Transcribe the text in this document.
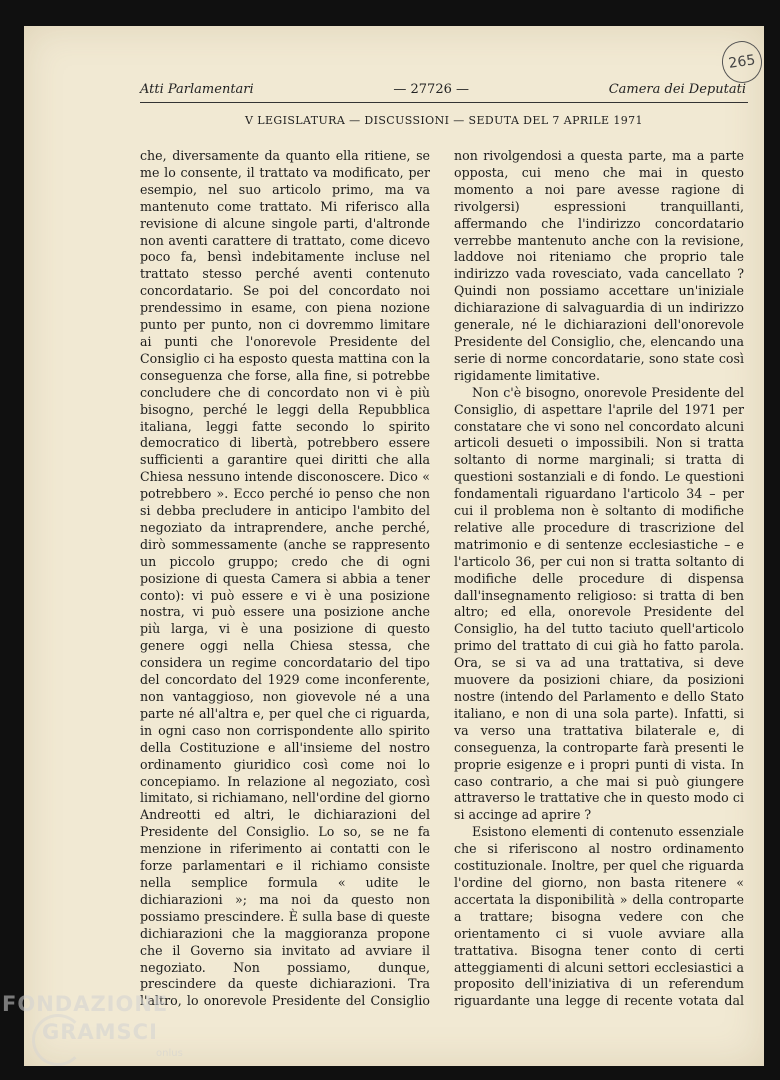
265
Atti Parlamentari	— 27726 —	Camera dei Deputati
V LEGISLATURA — DISCUSSIONI — SEDUTA DEL 7 APRILE 1971

che, diversamente da quanto ella ritiene, se me lo consente, il trattato va modificato, per esempio, nel suo articolo primo, ma va mantenuto come trattato. Mi riferisco alla revisione di alcune singole parti, d'altronde non aventi carattere di trattato, come dicevo poco fa, bensì indebitamente incluse nel trattato stesso perché aventi contenuto concordatario. Se poi del concordato noi prendessimo in esame, con piena nozione punto per punto, non ci dovremmo limitare ai punti che l'onorevole Presidente del Consiglio ci ha esposto questa mattina con la conseguenza che forse, alla fine, si potrebbe concludere che di concordato non vi è più bisogno, perché le leggi della Repubblica italiana, leggi fatte secondo lo spirito democratico di libertà, potrebbero essere sufficienti a garantire quei diritti che alla Chiesa nessuno intende disconoscere. Dico « potrebbero ». Ecco perché io penso che non si debba precludere in anticipo l'ambito del negoziato da intraprendere, anche perché, dirò sommessamente (anche se rappresento un piccolo gruppo; credo che di ogni posizione di questa Camera si abbia a tener conto): vi può essere e vi è una posizione nostra, vi può essere una posizione anche più larga, vi è una posizione di questo genere oggi nella Chiesa stessa, che considera un regime concordatario del tipo del concordato del 1929 come inconferente, non vantaggioso, non giovevole né a una parte né all'altra e, per quel che ci riguarda, in ogni caso non corrispondente allo spirito della Costituzione e all'insieme del nostro ordinamento giuridico così come noi lo concepiamo. In relazione al negoziato, così limitato, si richiamano, nell'ordine del giorno Andreotti ed altri, le dichiarazioni del Presidente del Consiglio. Lo so, se ne fa menzione in riferimento ai contatti con le forze parlamentari e il richiamo consiste nella semplice formula « udite le dichiarazioni »; ma noi da questo non possiamo prescindere. È sulla base di queste dichiarazioni che la maggioranza propone che il Governo sia invitato ad avviare il negoziato. Non possiamo, dunque, prescindere da queste dichiarazioni. Tra l'altro, lo onorevole Presidente del Consiglio

non rivolgendosi a questa parte, ma a parte opposta, cui meno che mai in questo momento a noi pare avesse ragione di rivolgersi) espressioni tranquillanti, affermando che l'indirizzo concordatario verrebbe mantenuto anche con la revisione, laddove noi riteniamo che proprio tale indirizzo vada rovesciato, vada cancellato ? Quindi non possiamo accettare un'iniziale dichiarazione di salvaguardia di un indirizzo generale, né le dichiarazioni dell'onorevole Presidente del Consiglio, che, elencando una serie di norme concordatarie, sono state così rigidamente limitative.

Non c'è bisogno, onorevole Presidente del Consiglio, di aspettare l'aprile del 1971 per constatare che vi sono nel concordato alcuni articoli desueti o impossibili. Non si tratta soltanto di norme marginali; si tratta di questioni sostanziali e di fondo. Le questioni fondamentali riguardano l'articolo 34 – per cui il problema non è soltanto di modifiche relative alle procedure di trascrizione del matrimonio e di sentenze ecclesiastiche – e l'articolo 36, per cui non si tratta soltanto di modifiche delle procedure di dispensa dall'insegnamento religioso: si tratta di ben altro; ed ella, onorevole Presidente del Consiglio, ha del tutto taciuto quell'articolo primo del trattato di cui già ho fatto parola. Ora, se si va ad una trattativa, si deve muovere da posizioni chiare, da posizioni nostre (intendo del Parlamento e dello Stato italiano, e non di una sola parte). Infatti, si va verso una trattativa bilaterale e, di conseguenza, la controparte farà presenti le proprie esigenze e i propri punti di vista. In caso contrario, a che mai si può giungere attraverso le trattative che in questo modo ci si accinge ad aprire ?

Esistono elementi di contenuto essenziale che si riferiscono al nostro ordinamento costituzionale. Inoltre, per quel che riguarda l'ordine del giorno, non basta ritenere « accertata la disponibilità » della controparte a trattare; bisogna vedere con che orientamento ci si vuole avviare alla trattativa. Bisogna tener conto di certi atteggiamenti di alcuni settori ecclesiastici a proposito dell'iniziativa di un referendum riguardante una legge di recente votata dal

FONDAZIONE
GRAMSCI
onlus
